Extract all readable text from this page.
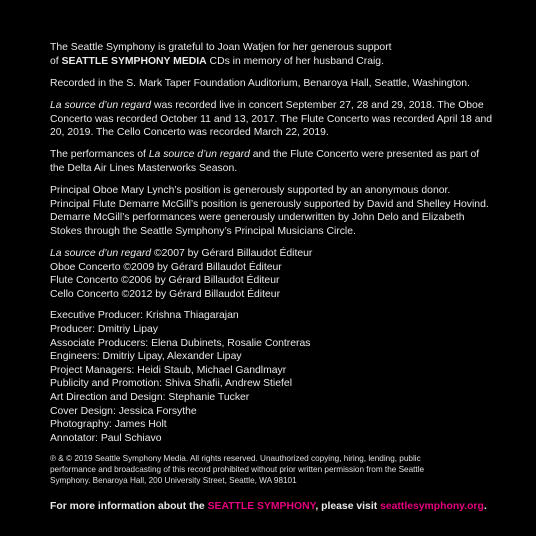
The Seattle Symphony is grateful to Joan Watjen for her generous support
of SEATTLE SYMPHONY MEDIA CDs in memory of her husband Craig.

Recorded in the S. Mark Taper Foundation Auditorium, Benaroya Hall, Seattle, Washington.

La source d’un regard was recorded live in concert September 27, 28 and 29, 2018. The Oboe
Concerto was recorded October 11 and 13, 2017. The Flute Concerto was recorded April 18 and
20, 2019. The Cello Concerto was recorded March 22, 2019.

The performances of La source d’un regard and the Flute Concerto were presented as part of
the Delta Air Lines Masterworks Season.

Principal Oboe Mary Lynch’s position is generously supported by an anonymous donor.
Principal Flute Demarre McGill’s position is generously supported by David and Shelley Hovind.
Demarre McGill’s performances were generously underwritten by John Delo and Elizabeth
Stokes through the Seattle Symphony’s Principal Musicians Circle.

La source d’un regard ©2007 by Gérard Billaudot Éditeur
Oboe Concerto ©2009 by Gérard Billaudot Éditeur
Flute Concerto ©2006 by Gérard Billaudot Éditeur
Cello Concerto ©2012 by Gérard Billaudot Éditeur

Executive Producer: Krishna Thiagarajan
Producer: Dmitriy Lipay
Associate Producers: Elena Dubinets, Rosalie Contreras
Engineers: Dmitriy Lipay, Alexander Lipay
Project Managers: Heidi Staub, Michael Gandlmayr
Publicity and Promotion: Shiva Shafii, Andrew Stiefel
Art Direction and Design: Stephanie Tucker
Cover Design: Jessica Forsythe
Photography: James Holt
Annotator: Paul Schiavo

℗ & © 2019 Seattle Symphony Media. All rights reserved. Unauthorized copying, hiring, lending, public
performance and broadcasting of this record prohibited without prior written permission from the Seattle
Symphony. Benaroya Hall, 200 University Street, Seattle, WA 98101

For more information about the SEATTLE SYMPHONY, please visit seattlesymphony.org.
